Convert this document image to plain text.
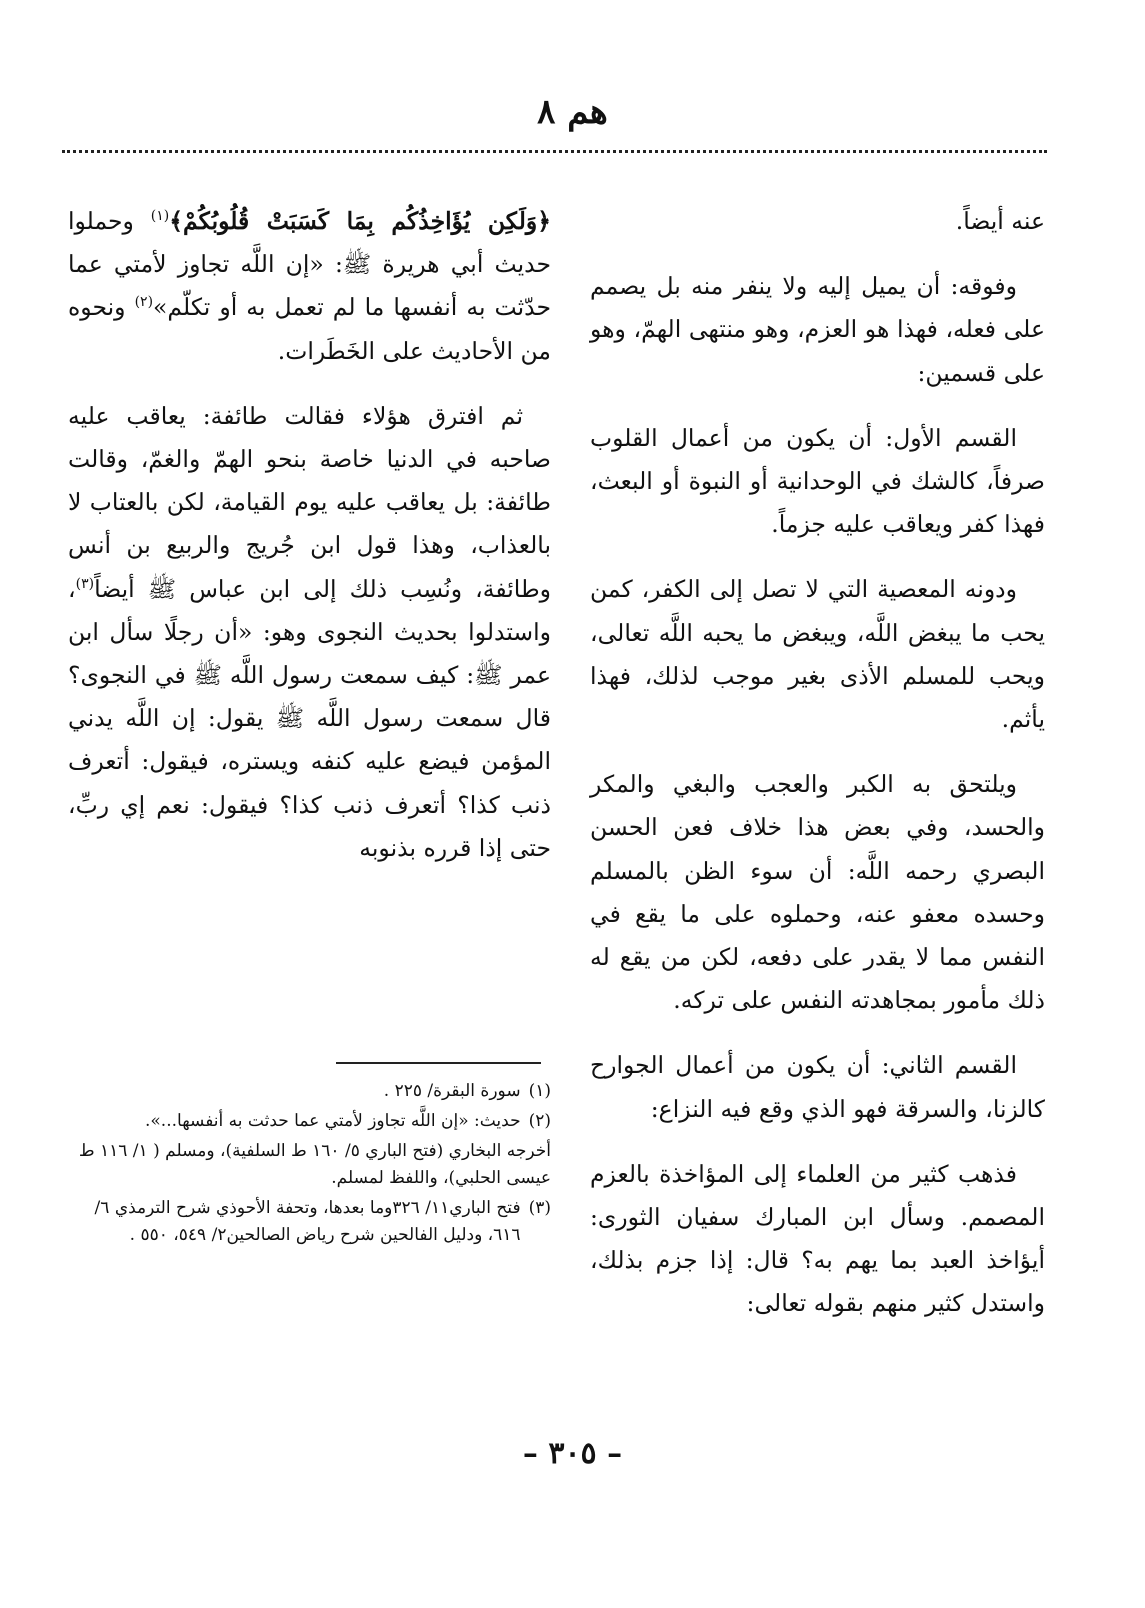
هم ٨

عنه أيضاً.

وفوقه: أن يميل إليه ولا ينفر منه بل يصمم على فعله، فهذا هو العزم، وهو منتهى الهمّ، وهو على قسمين:

القسم الأول: أن يكون من أعمال القلوب صرفاً، كالشك في الوحدانية أو النبوة أو البعث، فهذا كفر ويعاقب عليه جزماً.

ودونه المعصية التي لا تصل إلى الكفر، كمن يحب ما يبغض اللَّه، ويبغض ما يحبه اللَّه تعالى، ويحب للمسلم الأذى بغير موجب لذلك، فهذا يأثم.

ويلتحق به الكبر والعجب والبغي والمكر والحسد، وفي بعض هذا خلاف فعن الحسن البصري رحمه اللَّه: أن سوء الظن بالمسلم وحسده معفو عنه، وحملوه على ما يقع في النفس مما لا يقدر على دفعه، لكن من يقع له ذلك مأمور بمجاهدته النفس على تركه.

القسم الثاني: أن يكون من أعمال الجوارح كالزنا، والسرقة فهو الذي وقع فيه النزاع:

فذهب كثير من العلماء إلى المؤاخذة بالعزم المصمم. وسأل ابن المبارك سفيان الثورى: أيؤاخذ العبد بما يهم به؟ قال: إذا جزم بذلك، واستدل كثير منهم بقوله تعالى:

﴿وَلَكِن يُؤَاخِذُكُم بِمَا كَسَبَتْ قُلُوبُكُمْ﴾$^{(١)}$ وحملوا حديث أبي هريرة ﷺ: «إن اللَّه تجاوز لأمتي عما حدّثت به أنفسها ما لم تعمل به أو تكلّم»$^{(٢)}$ ونحوه من الأحاديث على الخَطَرات.

ثم افترق هؤلاء فقالت طائفة: يعاقب عليه صاحبه في الدنيا خاصة بنحو الهمّ والغمّ، وقالت طائفة: بل يعاقب عليه يوم القيامة، لكن بالعتاب لا بالعذاب، وهذا قول ابن جُريج والربيع بن أنس وطائفة، ونُسِب ذلك إلى ابن عباس ﷺ أيضاً$^{(٣)}$، واستدلوا بحديث النجوى وهو: «أن رجلًا سأل ابن عمر ﷺ: كيف سمعت رسول اللَّه ﷺ في النجوى؟ قال سمعت رسول اللَّه ﷺ يقول: إن اللَّه يدني المؤمن فيضع عليه كنفه ويستره، فيقول: أتعرف ذنب كذا؟ أتعرف ذنب كذا؟ فيقول: نعم إي ربِّ، حتى إذا قرره بذنوبه

(١)
سورة البقرة/ ٢٢٥ .
(٢)
حديث: «إن اللَّه تجاوز لأمتي عما حدثت به أنفسها...».
أخرجه البخاري (فتح الباري ٥/ ١٦٠ ط السلفية)، ومسلم ( ١/ ١١٦ ط عيسى الحلبي)، واللفظ لمسلم.
(٣)
فتح الباري١١/ ٣٢٦وما بعدها، وتحفة الأحوذي شرح الترمذي ٦/ ٦١٦، ودليل الفالحين شرح رياض الصالحين٢/ ٥٤٩، ٥٥٠ .
– ٣٠٥ –
